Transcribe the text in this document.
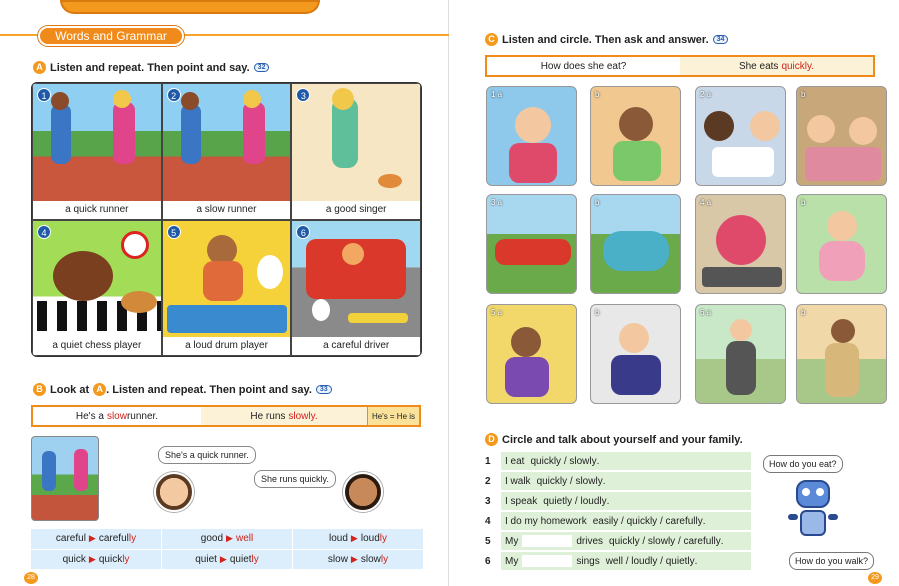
Words and Grammar
A Listen and repeat. Then point and say.	32
1
a quick runner
2
a slow runner
3
a good singer
4
a quiet chess player
5
a loud drum player
6
a careful driver
B Look at A . Listen and repeat. Then point and say.	33
He's a slow runner.	He runs slowly.	He's = He is
She's a quick runner.
She runs quickly.
careful ▶ careful ly	good ▶ well	loud ▶ loud ly
quick ▶ quick ly	quiet ▶ quiet ly	slow ▶ slow ly
28
C Listen and circle. Then ask and answer.	34
How does she eat?	She eats quickly.
1 a	b	2 a	b
3 a	b	4 a	b
5 a	b	6 a	b
D Circle and talk about yourself and your family.
1	I eat quickly / slowly .
2	I walk quickly / slowly .
3	I speak quietly / loudly .
4	I do my homework easily / quickly / carefully .
5	My	drives quickly / slowly / carefully .
6	My	sings well / loudly / quietly .
How do you eat?
How do you walk?
29
